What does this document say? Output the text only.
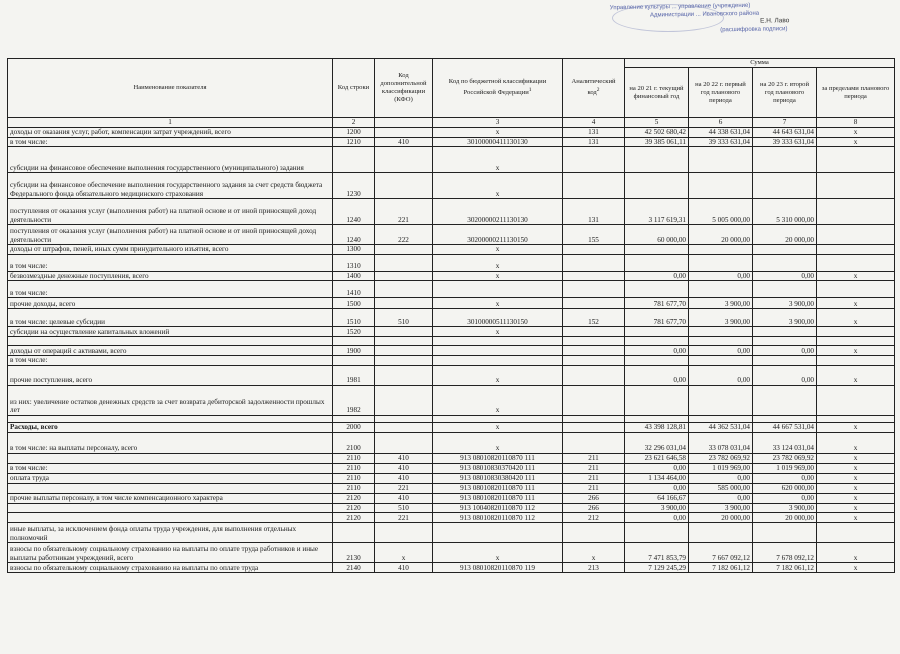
Управление культуры ... управление (учреждение)
Администрации ... Ивановского района
Е.Н. Лаво
(расшифровка подписи)
Наименование показателя	Код строки	Код дополнительной классификации (КФО)	Код по бюджетной классификации Российской Федерации$^1$	Аналитический код$^2$	Сумма			
					на 20 21 г. текущий финансовый год	на 20 22 г. первый год планового периода	на 20 23 г. второй год планового периода	за пределами планового периода
1	2		3	4	5	6	7	8
доходы от оказания услуг, работ, компенсации затрат учреждений, всего	1200		x	131	42 502 680,42	44 338 631,04	44 643 631,04	x
в том числе:	1210	410	30100000411130130	131	39 385 061,11	39 333 631,04	39 333 631,04	x
субсидии на финансовое обеспечение выполнения государственного (муниципального) задания			x					
субсидии на финансовое обеспечение выполнения государственного задания за счет средств бюджета Федерального фонда обязательного медицинского страхования	1230		x					
поступления от оказания услуг (выполнения работ) на платной основе и от иной приносящей доход деятельности	1240	221	30200000211130130	131	3 117 619,31	5 005 000,00	5 310 000,00	
поступления от оказания услуг (выполнения работ) на платной основе и от иной приносящей доход деятельности	1240	222	30200000211130150	155	60 000,00	20 000,00	20 000,00	
доходы от штрафов, пеней, иных сумм принудительного изъятия, всего	1300		x					
в том числе:	1310		x					
безвозмездные денежные поступления, всего	1400		x		0,00	0,00	0,00	x
в том числе:	1410							
прочие доходы, всего	1500		x		781 677,70	3 900,00	3 900,00	x
в том числе: целевые субсидии	1510	510	30100000511130150	152	781 677,70	3 900,00	3 900,00	x
субсидии на осуществление капитальных вложений	1520		x					

доходы от операций с активами, всего	1900				0,00	0,00	0,00	x
в том числе:								
прочие поступления, всего	1981		x		0,00	0,00	0,00	x
из них: увеличение остатков денежных средств за счет возврата дебиторской задолженности прошлых лет	1982		x					

Расходы, всего	2000		x		43 398 128,81	44 362 531,04	44 667 531,04	x
в том числе: на выплаты персоналу, всего	2100		x		32 296 031,04	33 078 031,04	33 124 031,04	x
	2110	410	913 08010820110870 111	211	23 621 646,58	23 782 069,92	23 782 069,92	x
в том числе:	2110	410	913 08010830370420 111	211	0,00	1 019 969,00	1 019 969,00	x
оплата труда	2110	410	913 08010830380420 111	211	1 134 464,00	0,00	0,00	x
	2110	221	913 08010820110870 111	211	0,00	585 000,00	620 000,00	x
прочие выплаты персоналу, в том числе компенсационного характера	2120	410	913 08010820110870 111	266	64 166,67	0,00	0,00	x
	2120	510	913 10040820110870 112	266	3 900,00	3 900,00	3 900,00	x
	2120	221	913 08010820110870 112	212	0,00	20 000,00	20 000,00	x
иные выплаты, за исключением фонда оплаты труда учреждения, для выполнения отдельных полномочий								
взносы по обязательному социальному страхованию на выплаты по оплате труда работников и иные выплаты работникам учреждений, всего	2130	x	x	x	7 471 853,79	7 667 092,12	7 678 092,12	x
взносы по обязательному социальному страхованию на выплаты по оплате труда	2140	410	913 08010820110870 119	213	7 129 245,29	7 182 061,12	7 182 061,12	x
